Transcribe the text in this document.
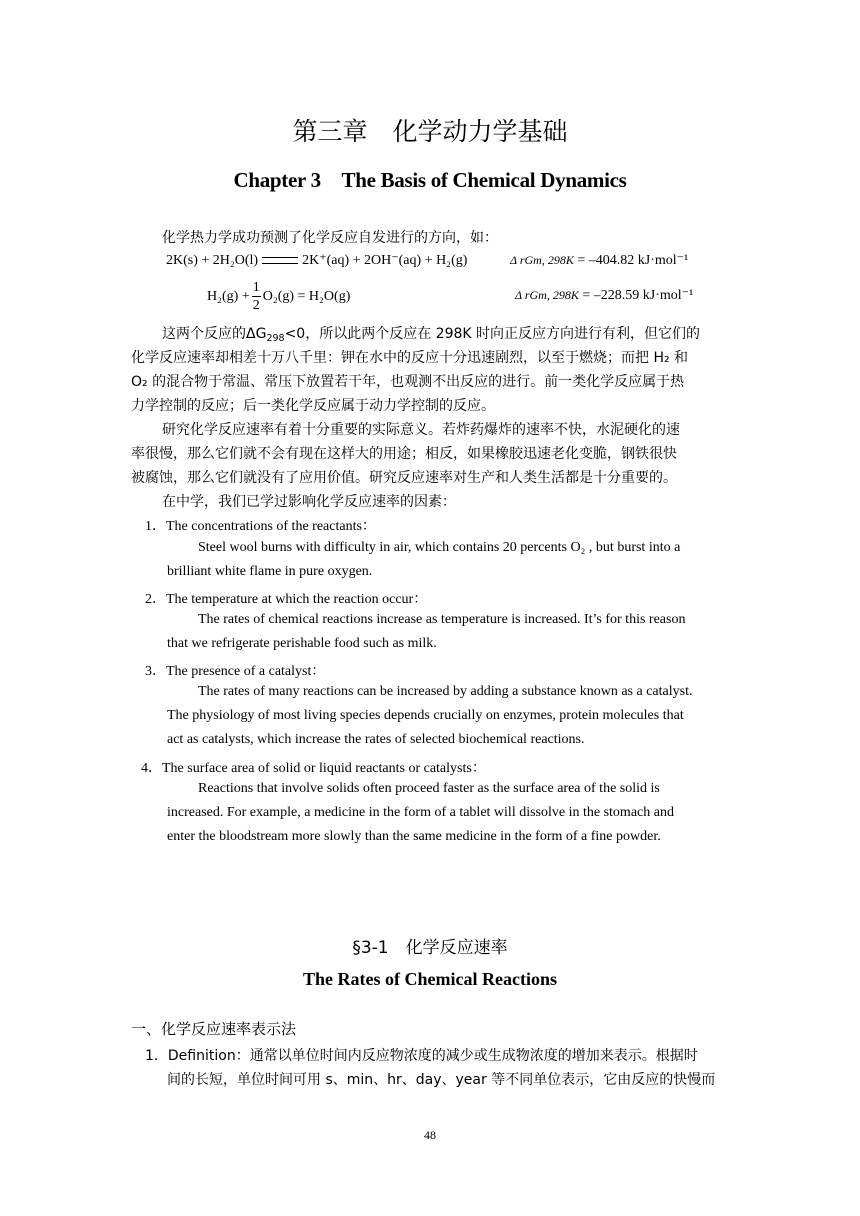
第三章　化学动力学基础
Chapter 3　The Basis of Chemical Dynamics
化学热力学成功预测了化学反应自发进行的方向，如：
2K(s) + 2H₂O(l)	2K⁺(aq) + 2OH⁻(aq) + H₂(g)	Δ rGm, 298K = –404.82 kJ·mol⁻¹
$H_2(g) + \frac{1}{2} O_2(g) = H_2O(g)$	Δ rGm, 298K = –228.59 kJ·mol⁻¹
这两个反应的$\Delta G_{298}<0$，所以此两个反应在 298K 时向正反应方向进行有利，但它们的
化学反应速率却相差十万八千里：钾在水中的反应十分迅速剧烈，以至于燃烧；而把 H₂ 和
O₂ 的混合物于常温、常压下放置若干年，也观测不出反应的进行。前一类化学反应属于热
力学控制的反应；后一类化学反应属于动力学控制的反应。
研究化学反应速率有着十分重要的实际意义。若炸药爆炸的速率不快，水泥硬化的速
率很慢，那么它们就不会有现在这样大的用途；相反，如果橡胶迅速老化变脆，钢铁很快
被腐蚀，那么它们就没有了应用价值。研究反应速率对生产和人类生活都是十分重要的。
在中学，我们已学过影响化学反应速率的因素：
1．The concentrations of the reactants：
Steel wool burns with difficulty in air, which contains 20 percents O₂ , but burst into a
brilliant white flame in pure oxygen.
2．The temperature at which the reaction occur：
The rates of chemical reactions increase as temperature is increased. It’s for this reason
that we refrigerate perishable food such as milk.
3．The presence of a catalyst：
The rates of many reactions can be increased by adding a substance known as a catalyst.
The physiology of most living species depends crucially on enzymes, protein molecules that
act as catalysts, which increase the rates of selected biochemical reactions.
4．The surface area of solid or liquid reactants or catalysts：
Reactions that involve solids often proceed faster as the surface area of the solid is
increased. For example, a medicine in the form of a tablet will dissolve in the stomach and
enter the bloodstream more slowly than the same medicine in the form of a fine powder.
§3-1　化学反应速率
The Rates of Chemical Reactions
一、化学反应速率表示法
1．Definition：通常以单位时间内反应物浓度的减少或生成物浓度的增加来表示。根据时
间的长短，单位时间可用 s、min、hr、day、year 等不同单位表示，它由反应的快慢而
48
